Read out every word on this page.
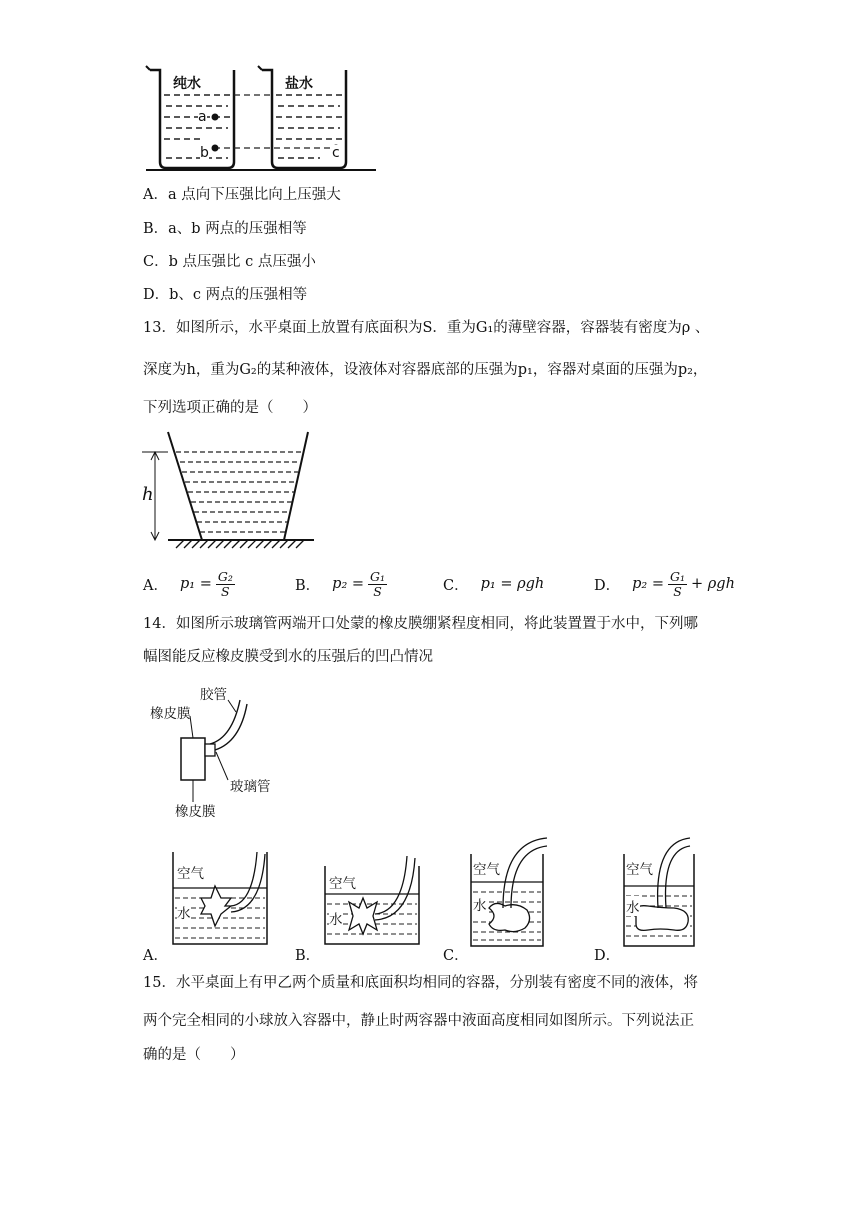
纯水	盐水
a
b	c
A．a 点向下压强比向上压强大
B．a、b 两点的压强相等
C．b 点压强比 c 点压强小
D．b、c 两点的压强相等
13．如图所示，水平桌面上放置有底面积为S．重为G₁的薄壁容器，容器装有密度为ρ 、
深度为h，重为G₂的某种液体，设液体对容器底部的压强为p₁，容器对桌面的压强为p₂，
下列选项正确的是（　　）
h
A． $p_1 = \frac{\text{G₂}}{S}$	B． $p_2 = \frac{\text{G₁}}{S}$	C． p₁ = ρgh	D． $p_2 = \frac{\text{G₁}}{S} + \rho gh$
14．如图所示玻璃管两端开口处蒙的橡皮膜绷紧程度相同，将此装置置于水中，下列哪
幅图能反应橡皮膜受到水的压强后的凹凸情况
胶管
橡皮膜
玻璃管
橡皮膜
空气
水
A．
空气
水
B．
空气
水
C．
空气
水
D．
15．水平桌面上有甲乙两个质量和底面积均相同的容器，分别装有密度不同的液体，将
两个完全相同的小球放入容器中，静止时两容器中液面高度相同如图所示。下列说法正
确的是（　　）
